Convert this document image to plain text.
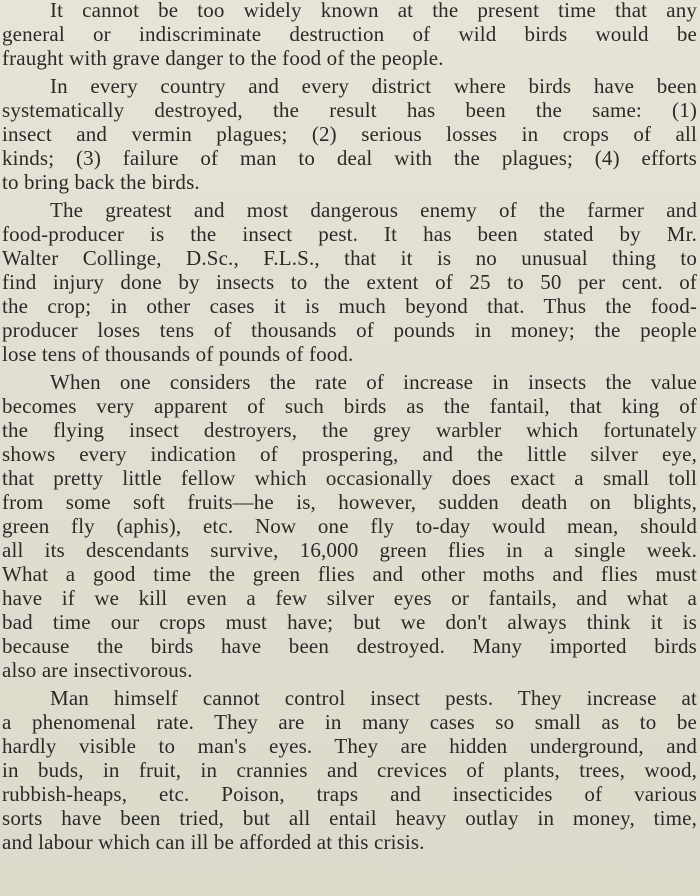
It cannot be too widely known at the present time that any
general or indiscriminate destruction of wild birds would be
fraught with grave danger to the food of the people.

In every country and every district where birds have been
systematically destroyed, the result has been the same: (1)
insect and vermin plagues; (2) serious losses in crops of all
kinds; (3) failure of man to deal with the plagues; (4) efforts
to bring back the birds.

The greatest and most dangerous enemy of the farmer and
food-producer is the insect pest. It has been stated by Mr.
Walter Collinge, D.Sc., F.L.S., that it is no unusual thing to
find injury done by insects to the extent of 25 to 50 per cent. of
the crop; in other cases it is much beyond that. Thus the food-
producer loses tens of thousands of pounds in money; the people
lose tens of thousands of pounds of food.

When one considers the rate of increase in insects the value
becomes very apparent of such birds as the fantail, that king of
the flying insect destroyers, the grey warbler which fortunately
shows every indication of prospering, and the little silver eye,
that pretty little fellow which occasionally does exact a small toll
from some soft fruits—he is, however, sudden death on blights,
green fly (aphis), etc. Now one fly to-day would mean, should
all its descendants survive, 16,000 green flies in a single week.
What a good time the green flies and other moths and flies must
have if we kill even a few silver eyes or fantails, and what a
bad time our crops must have; but we don't always think it is
because the birds have been destroyed. Many imported birds
also are insectivorous.

Man himself cannot control insect pests. They increase at
a phenomenal rate. They are in many cases so small as to be
hardly visible to man's eyes. They are hidden underground, and
in buds, in fruit, in crannies and crevices of plants, trees, wood,
rubbish-heaps, etc. Poison, traps and insecticides of various
sorts have been tried, but all entail heavy outlay in money, time,
and labour which can ill be afforded at this crisis.
